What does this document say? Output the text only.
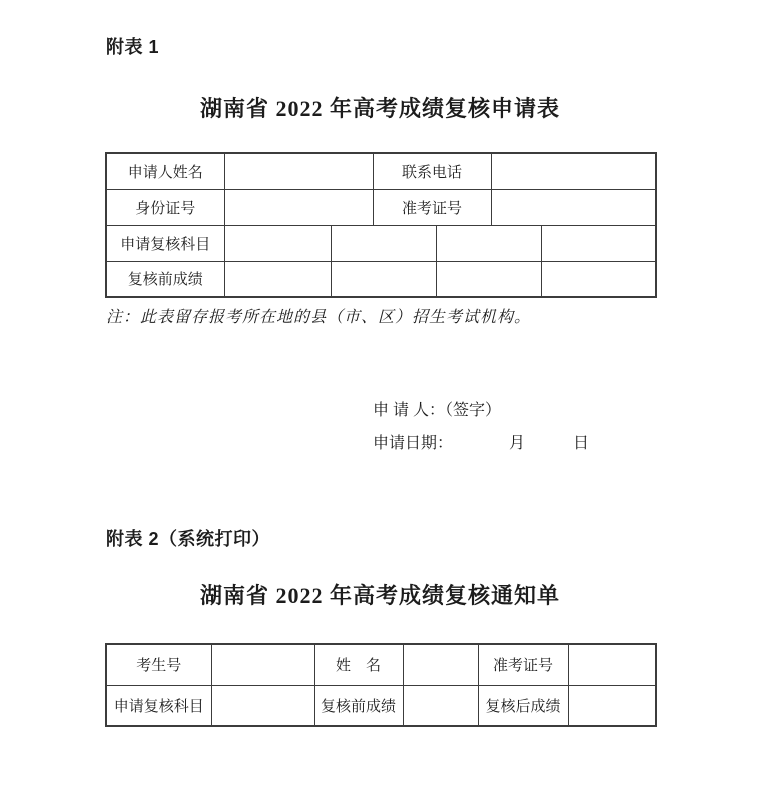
附表 1
湖南省 2022 年高考成绩复核申请表
申请人姓名			联系电话			
身份证号			准考证号			
申请复核科目						
复核前成绩						
注：此表留存报考所在地的县（市、区）招生考试机构。
申 请 人：（签字）
申请日期：　　　　月　　　日
附表 2（系统打印）
湖南省 2022 年高考成绩复核通知单
考生号		姓　名		准考证号	
申请复核科目		复核前成绩		复核后成绩	
